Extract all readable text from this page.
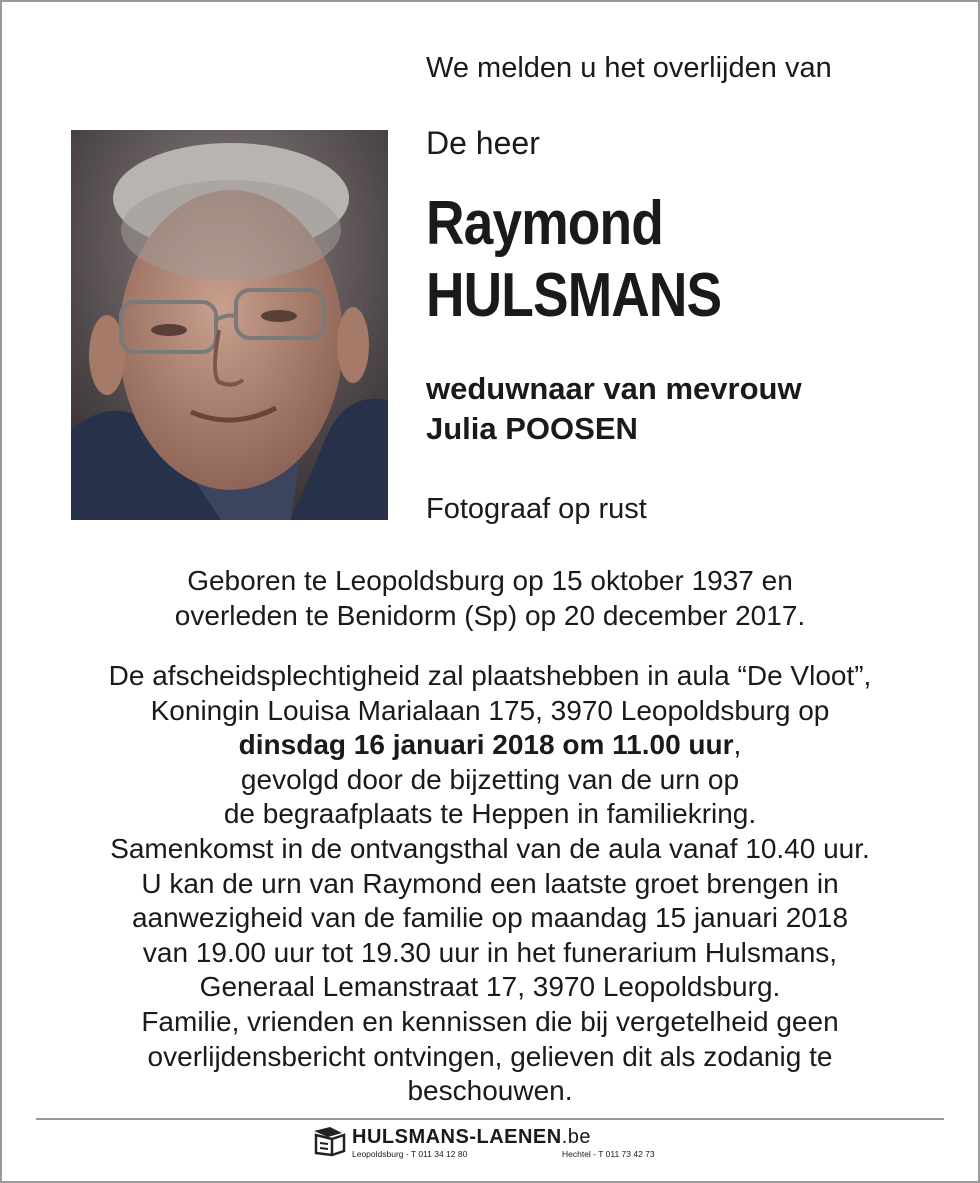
We melden u het overlijden van
De heer
Raymond
HULSMANS
weduwnaar van mevrouw
Julia POOSEN
Fotograaf op rust
Geboren te Leopoldsburg op 15 oktober 1937 en
overleden te Benidorm (Sp) op 20 december 2017.
De afscheidsplechtigheid zal plaatshebben in aula “De Vloot”,
Koningin Louisa Marialaan 175, 3970 Leopoldsburg op
dinsdag 16 januari 2018 om 11.00 uur,
gevolgd door de bijzetting van de urn op
de begraafplaats te Heppen in familiekring.
Samenkomst in de ontvangsthal van de aula vanaf 10.40 uur.
U kan de urn van Raymond een laatste groet brengen in
aanwezigheid van de familie op maandag 15 januari 2018
van 19.00 uur tot 19.30 uur in het funerarium Hulsmans,
Generaal Lemanstraat 17, 3970 Leopoldsburg.
Familie, vrienden en kennissen die bij vergetelheid geen
overlijdensbericht ontvingen, gelieven dit als zodanig te
beschouwen.
HULSMANS-LAENEN.be
Leopoldsburg - T 011 34 12 80	Hechtel - T 011 73 42 73
